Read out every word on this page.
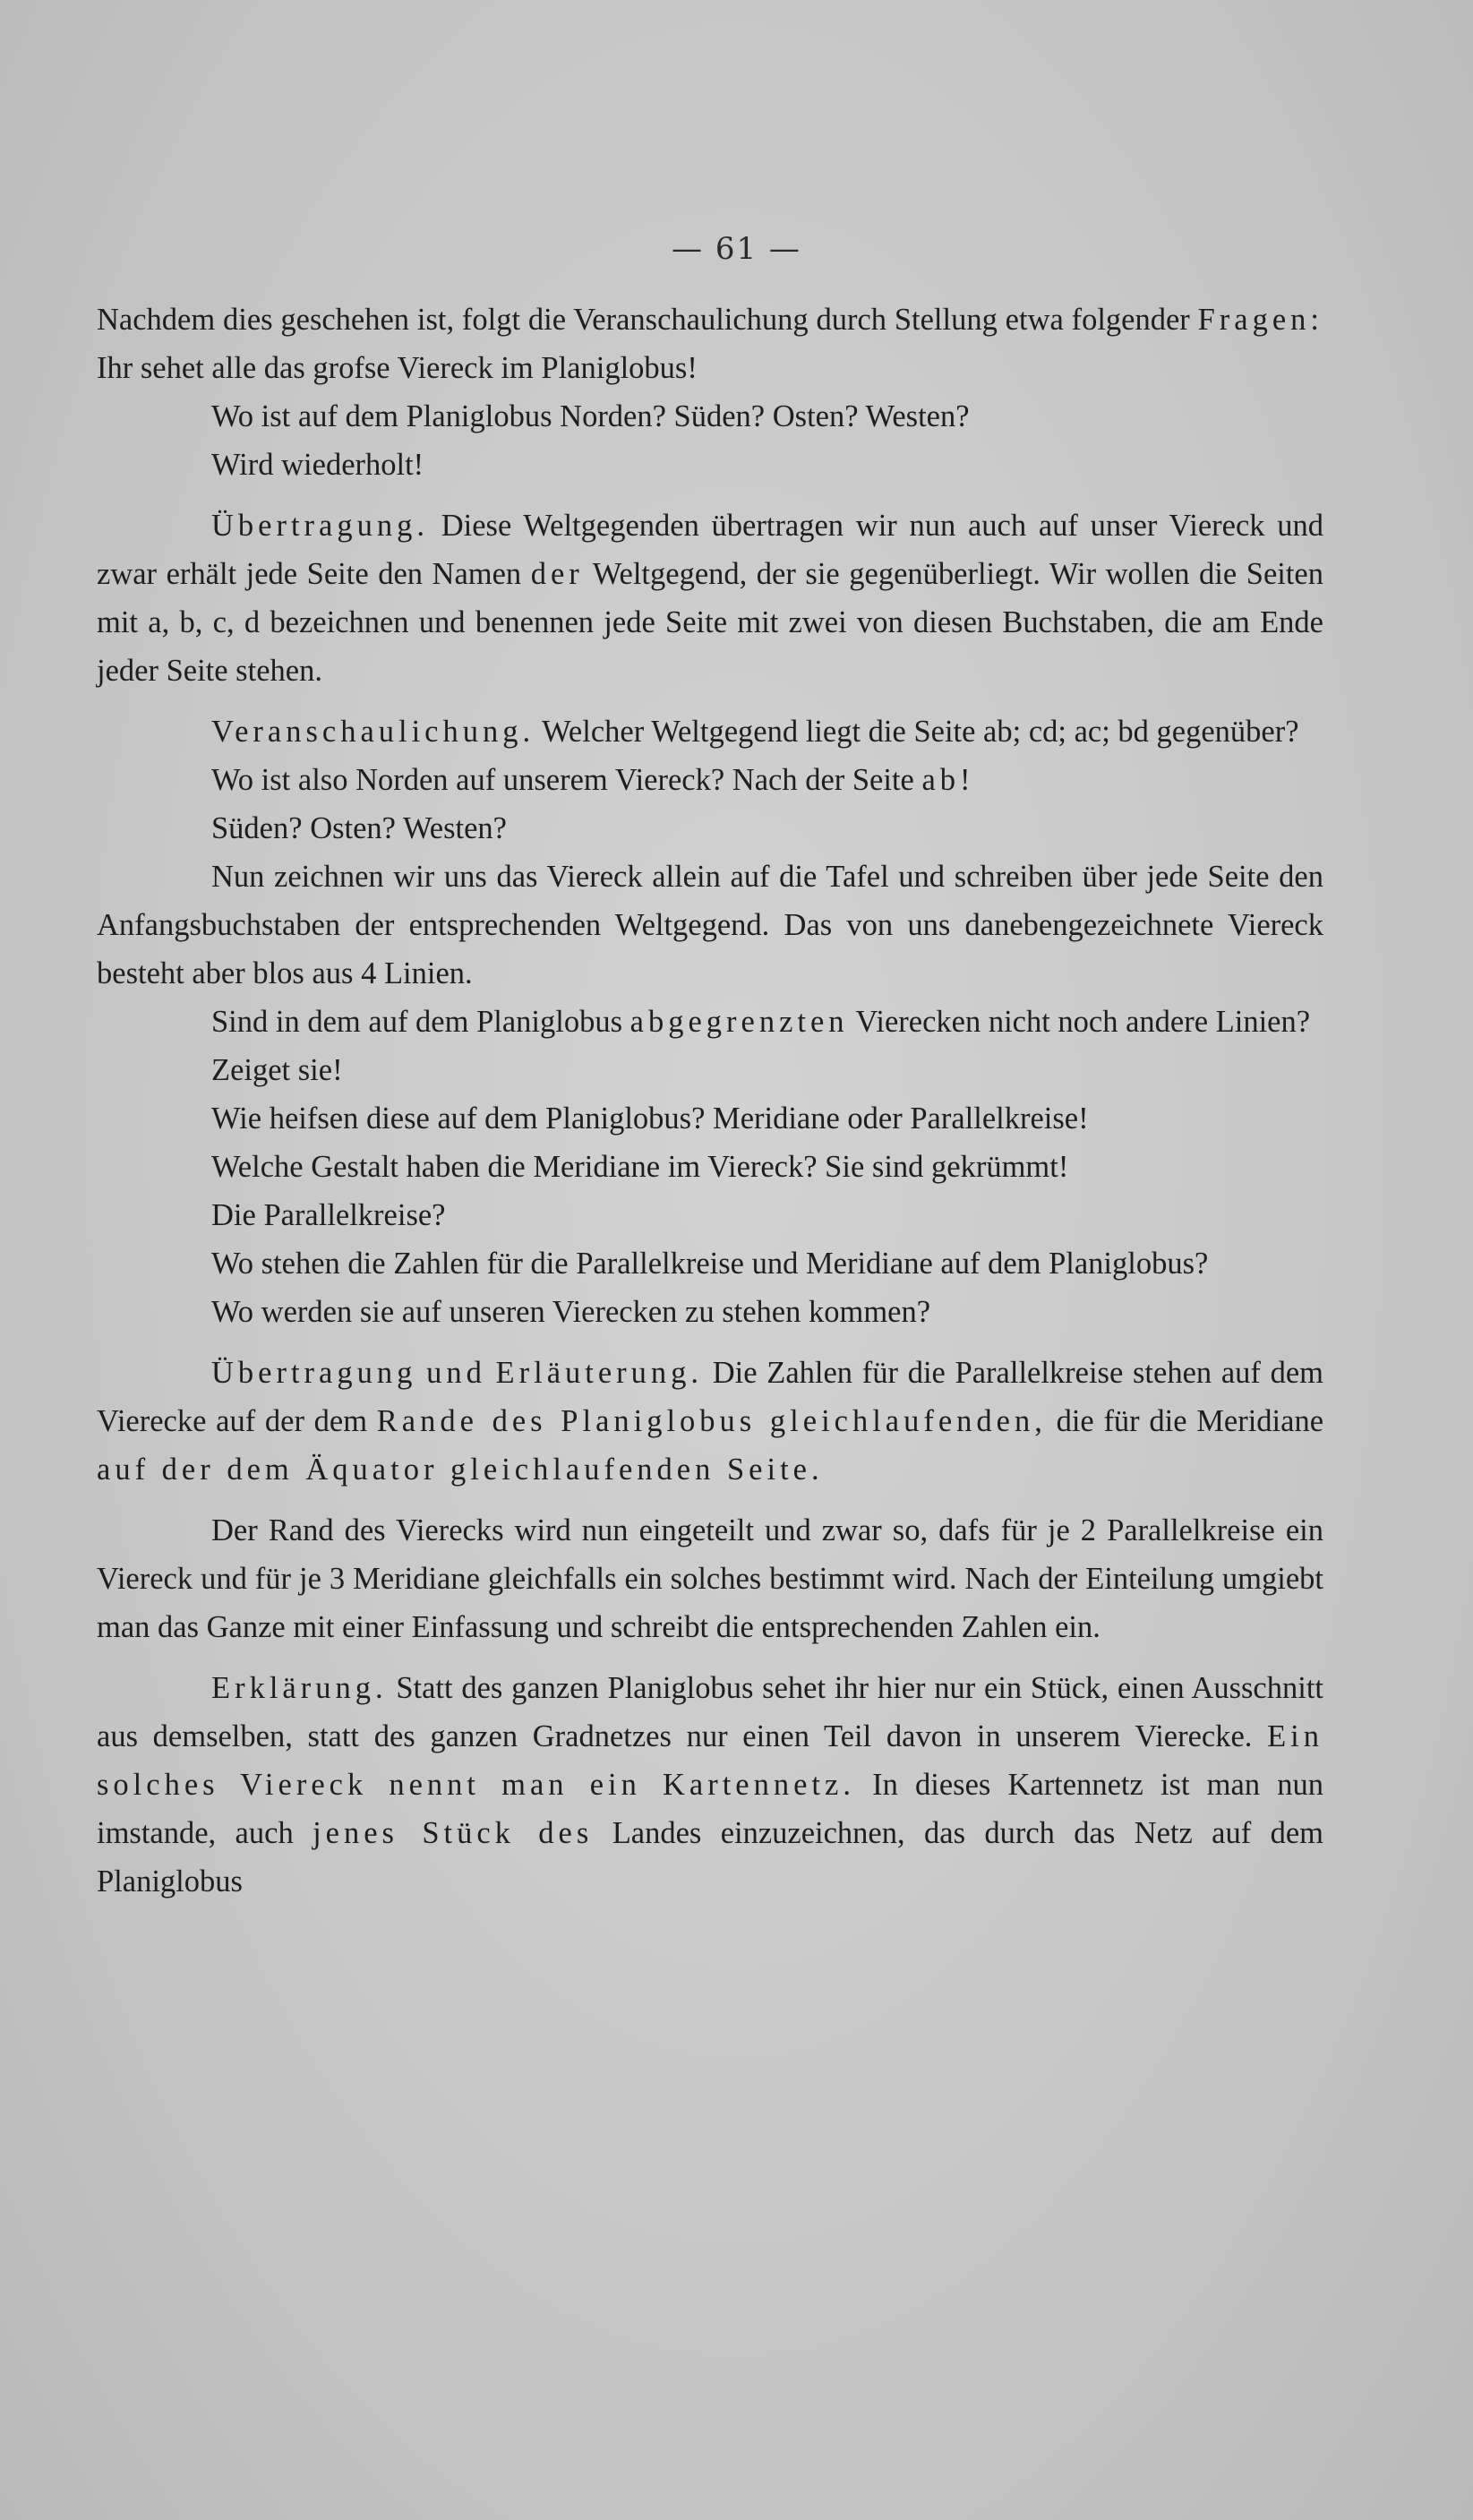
— 61 —

Nachdem dies geschehen ist, folgt die Veranschaulichung durch Stellung etwa folgender Fragen: Ihr sehet alle das grofse Viereck im Planiglobus!

Wo ist auf dem Planiglobus Norden? Süden? Osten? Westen?

Wird wiederholt!

Übertragung. Diese Weltgegenden übertragen wir nun auch auf unser Viereck und zwar erhält jede Seite den Namen der Weltgegend, der sie gegenüberliegt. Wir wollen die Seiten mit a, b, c, d bezeichnen und benennen jede Seite mit zwei von diesen Buchstaben, die am Ende jeder Seite stehen.

Veranschaulichung. Welcher Weltgegend liegt die Seite ab; cd; ac; bd gegenüber?

Wo ist also Norden auf unserem Viereck? Nach der Seite ab!

Süden? Osten? Westen?

Nun zeichnen wir uns das Viereck allein auf die Tafel und schreiben über jede Seite den Anfangsbuchstaben der entsprechenden Weltgegend. Das von uns danebengezeichnete Viereck besteht aber blos aus 4 Linien.

Sind in dem auf dem Planiglobus abgegrenzten Vierecken nicht noch andere Linien?

Zeiget sie!

Wie heifsen diese auf dem Planiglobus? Meridiane oder Parallelkreise!

Welche Gestalt haben die Meridiane im Viereck? Sie sind gekrümmt!

Die Parallelkreise?

Wo stehen die Zahlen für die Parallelkreise und Meridiane auf dem Planiglobus?

Wo werden sie auf unseren Vierecken zu stehen kommen?

Übertragung und Erläuterung. Die Zahlen für die Parallelkreise stehen auf dem Vierecke auf der dem Rande des Planiglobus gleichlaufenden, die für die Meridiane auf der dem Äquator gleichlaufenden Seite.

Der Rand des Vierecks wird nun eingeteilt und zwar so, dafs für je 2 Parallelkreise ein Viereck und für je 3 Meridiane gleichfalls ein solches bestimmt wird. Nach der Einteilung umgiebt man das Ganze mit einer Einfassung und schreibt die entsprechenden Zahlen ein.

Erklärung. Statt des ganzen Planiglobus sehet ihr hier nur ein Stück, einen Ausschnitt aus demselben, statt des ganzen Gradnetzes nur einen Teil davon in unserem Vierecke. Ein solches Viereck nennt man ein Kartennetz. In dieses Kartennetz ist man nun imstande, auch jenes Stück des Landes einzuzeichnen, das durch das Netz auf dem Planiglobus
